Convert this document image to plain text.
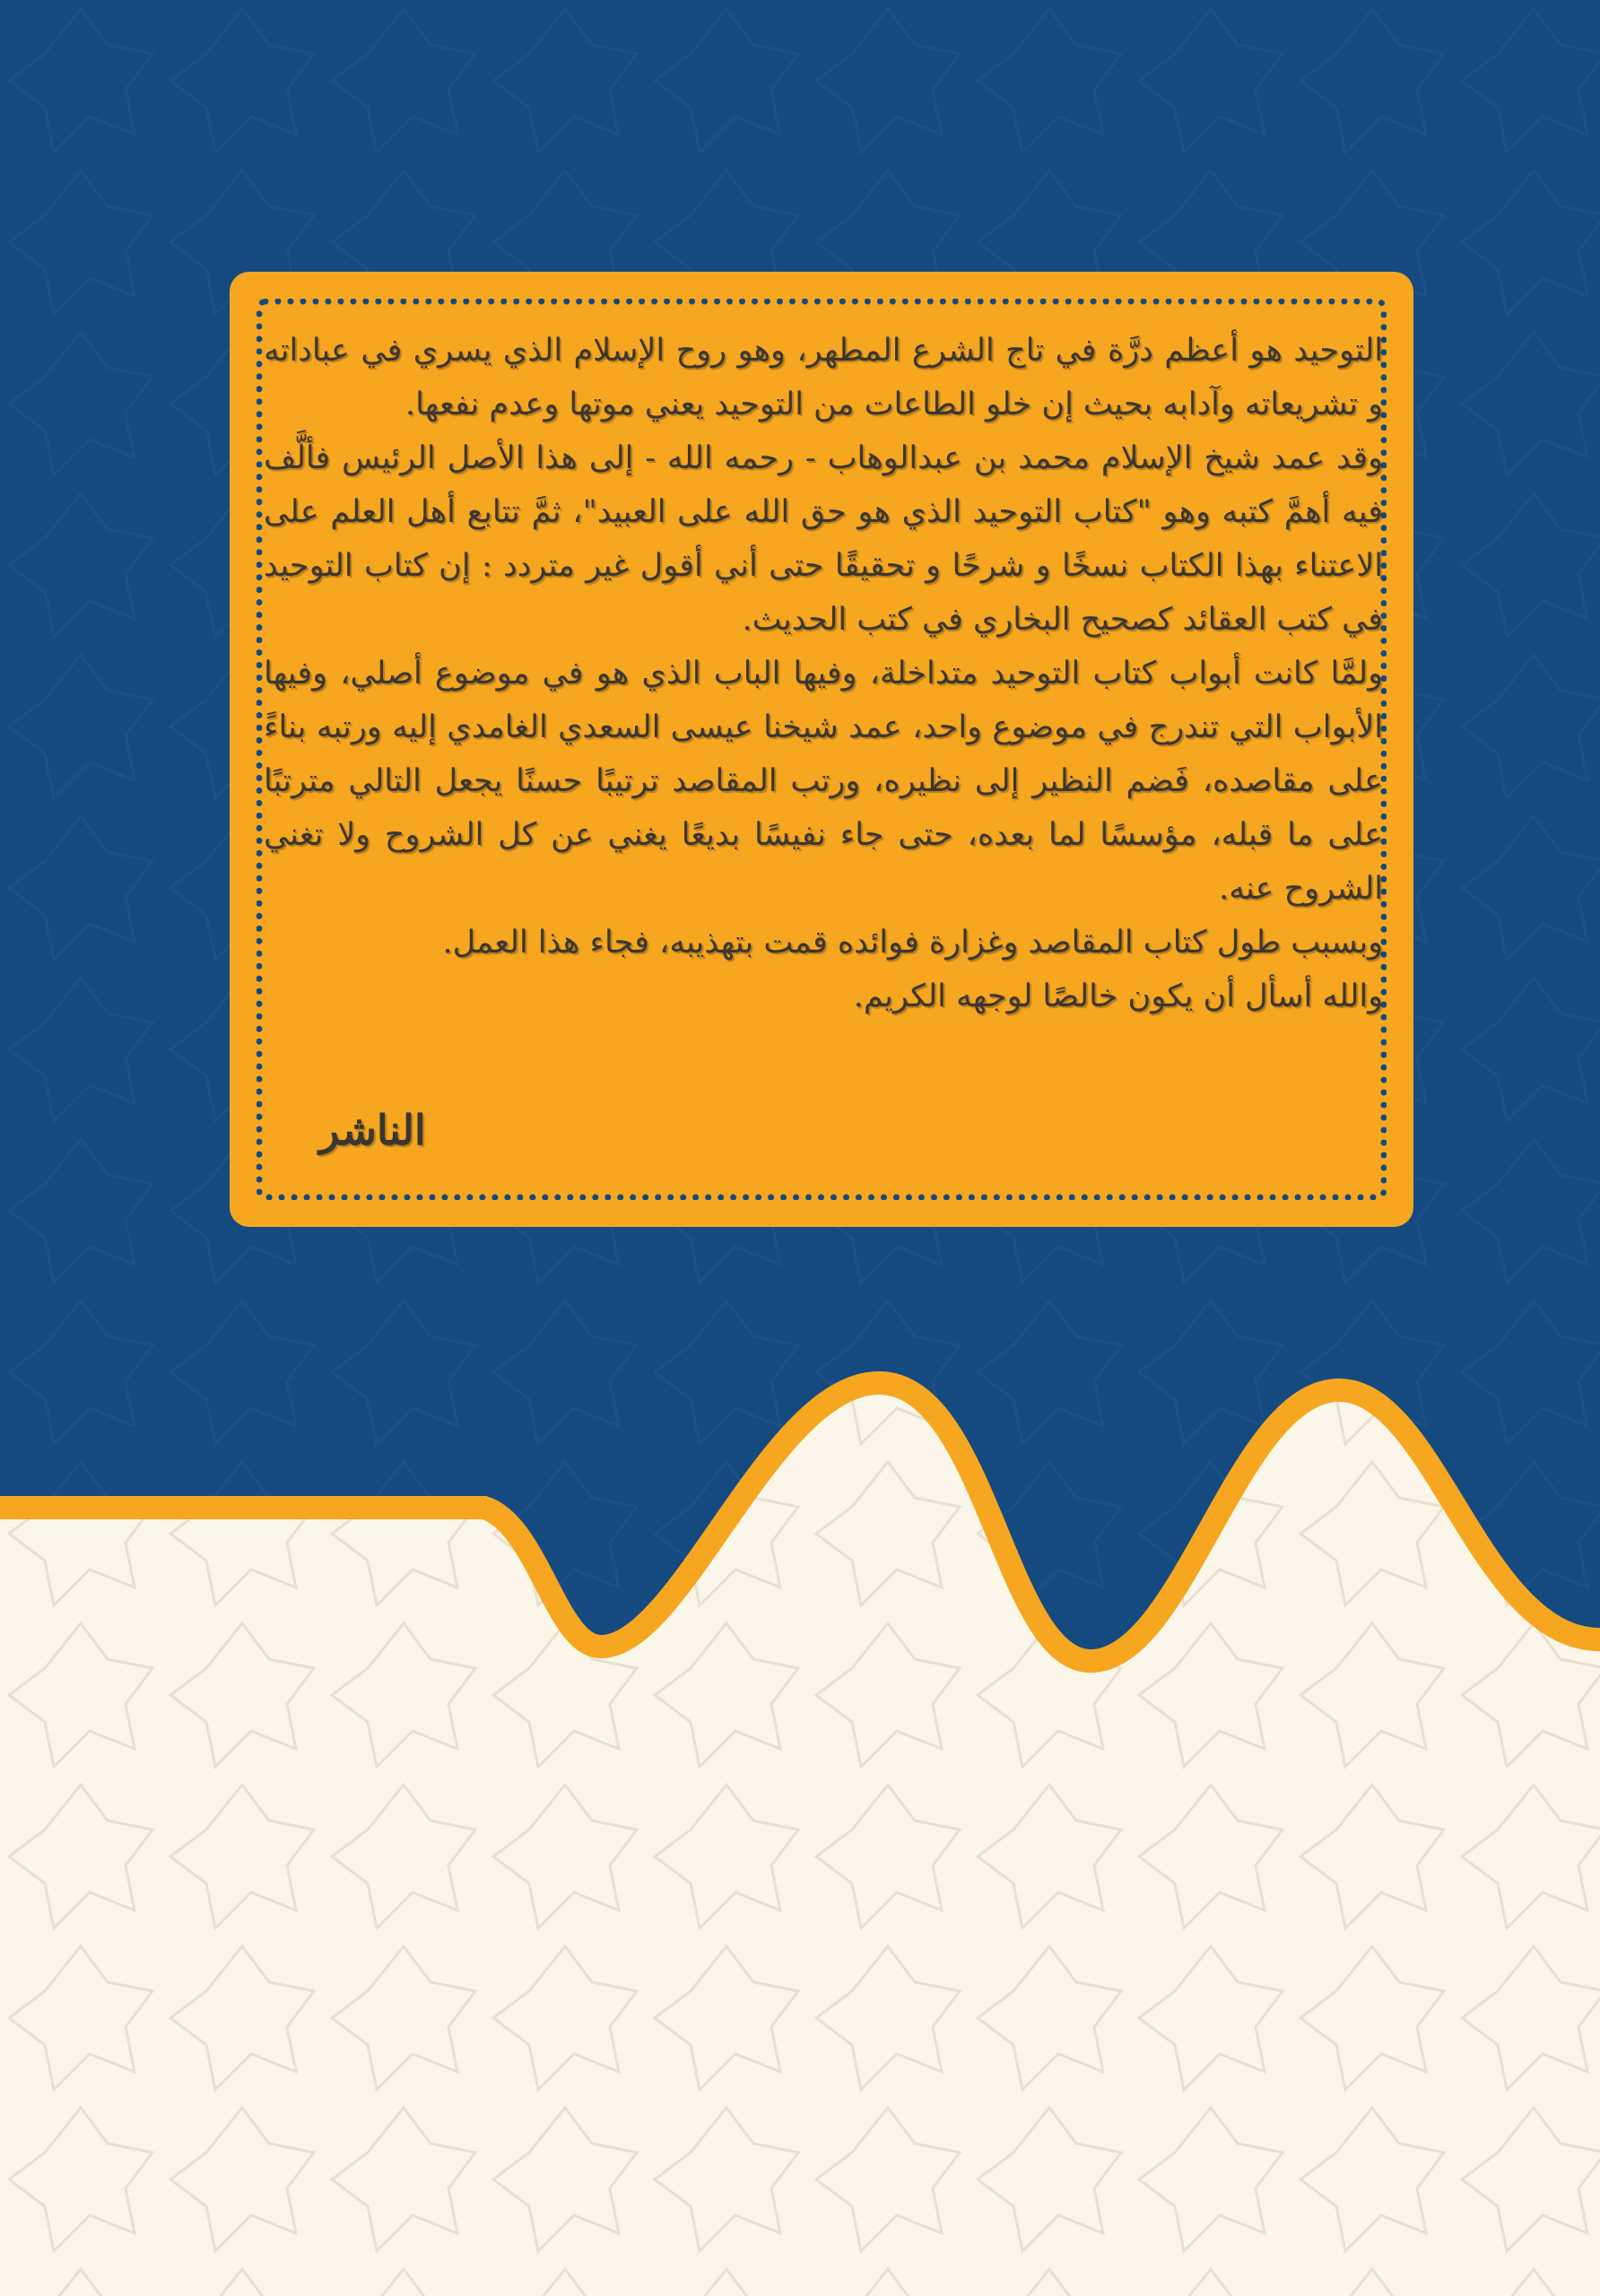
التوحيد هو أعظم درَّة في تاج الشرع المطهر، وهو روح الإسلام الذي يسري في عباداته و تشريعاته وآدابه بحيث إن خلو الطاعات من التوحيد يعني موتها وعدم نفعها.

وقد عمد شيخ الإسلام محمد بن عبدالوهاب - رحمه الله - إلى هذا الأصل الرئيس فألَّف فيه أهمَّ كتبه وهو "كتاب التوحيد الذي هو حق الله على العبيد"، ثمَّ تتابع أهل العلم على الاعتناء بهذا الكتاب نسخًا و شرحًا و تحقيقًا حتى أني أقول غير متردد : إن كتاب التوحيد في كتب العقائد كصحيح البخاري في كتب الحديث.

ولمَّا كانت أبواب كتاب التوحيد متداخلة، وفيها الباب الذي هو في موضوع أصلي، وفيها الأبواب التي تندرج في موضوع واحد، عمد شيخنا عيسى السعدي الغامدي إليه ورتبه بناءً على مقاصده، فَضم النظير إلى نظيره، ورتب المقاصد ترتيبًا حسنًا يجعل التالي مترتبًا على ما قبله، مؤسسًا لما بعده، حتى جاء نفيسًا بديعًا يغني عن كل الشروح ولا تغني الشروح عنه.

وبسبب طول كتاب المقاصد وغزارة فوائده قمت بتهذيبه، فجاء هذا العمل.

والله أسأل أن يكون خالصًا لوجهه الكريم.

الناشر
